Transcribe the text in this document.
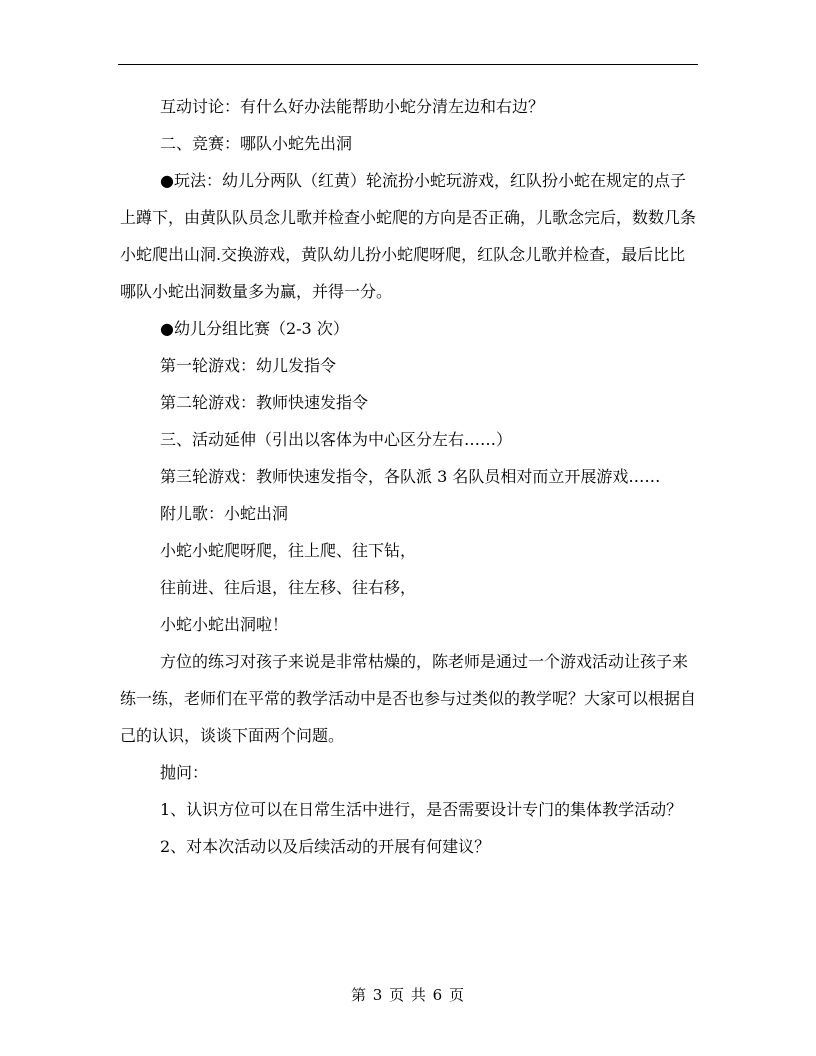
互动讨论：有什么好办法能帮助小蛇分清左边和右边？

二、竞赛：哪队小蛇先出洞

●玩法：幼儿分两队（红黄）轮流扮小蛇玩游戏，红队扮小蛇在规定的点子上蹲下，由黄队队员念儿歌并检查小蛇爬的方向是否正确，儿歌念完后，数数几条小蛇爬出山洞.交换游戏，黄队幼儿扮小蛇爬呀爬，红队念儿歌并检查，最后比比哪队小蛇出洞数量多为赢，并得一分。

●幼儿分组比赛（2-3 次）

第一轮游戏：幼儿发指令

第二轮游戏：教师快速发指令

三、活动延伸（引出以客体为中心区分左右……）

第三轮游戏：教师快速发指令，各队派 3 名队员相对而立开展游戏……

附儿歌：小蛇出洞

小蛇小蛇爬呀爬，往上爬、往下钻，

往前进、往后退，往左移、往右移，

小蛇小蛇出洞啦！

方位的练习对孩子来说是非常枯燥的，陈老师是通过一个游戏活动让孩子来练一练，老师们在平常的教学活动中是否也参与过类似的教学呢？大家可以根据自己的认识，谈谈下面两个问题。

抛问：

1、认识方位可以在日常生活中进行，是否需要设计专门的集体教学活动？

2、对本次活动以及后续活动的开展有何建议？

第 3 页 共 6 页
